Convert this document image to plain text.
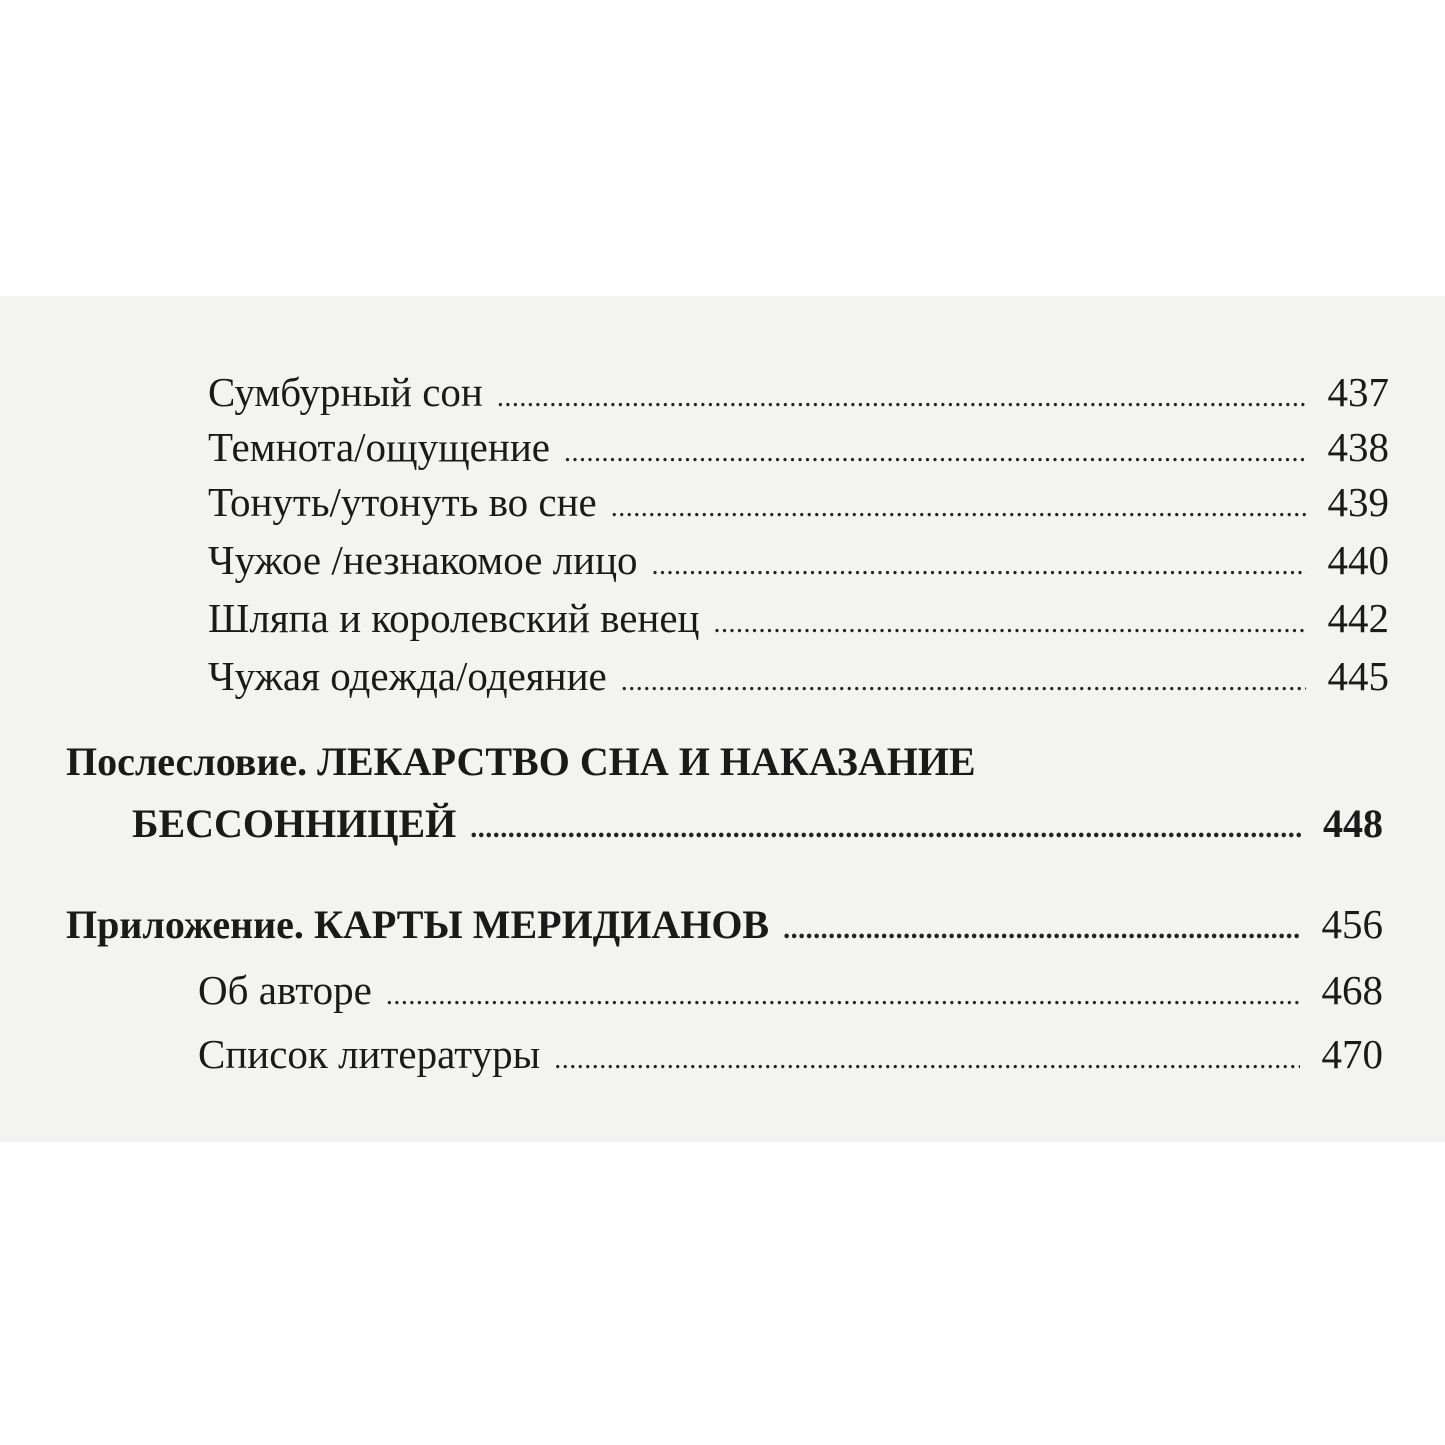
Сумбурный сон .....	437
Темнота/ощущение .....	438
Тонуть/утонуть во сне .....	439
Чужое /незнакомое лицо .....	440
Шляпа и королевский венец .....	442
Чужая одежда/одеяние .....	445
Послесловие. ЛЕКАРСТВО СНА И НАКАЗАНИЕ
БЕССОННИЦЕЙ .....	448
Приложение. КАРТЫ МЕРИДИАНОВ .....	456
Об авторе .....	468
Список литературы .....	470
